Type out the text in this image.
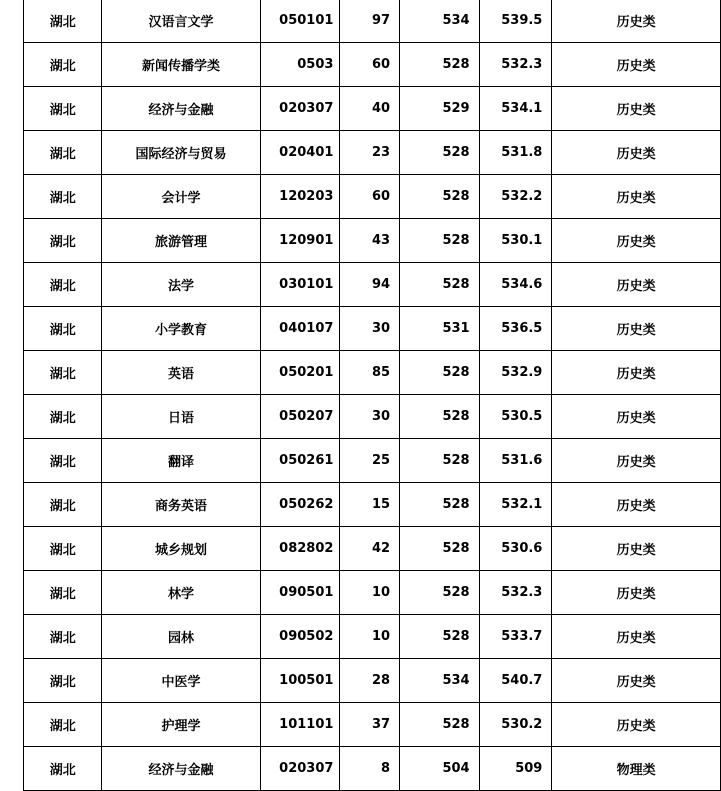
湖北	汉语言文学	050101	97	534	539.5	历史类
湖北	新闻传播学类	0503	60	528	532.3	历史类
湖北	经济与金融	020307	40	529	534.1	历史类
湖北	国际经济与贸易	020401	23	528	531.8	历史类
湖北	会计学	120203	60	528	532.2	历史类
湖北	旅游管理	120901	43	528	530.1	历史类
湖北	法学	030101	94	528	534.6	历史类
湖北	小学教育	040107	30	531	536.5	历史类
湖北	英语	050201	85	528	532.9	历史类
湖北	日语	050207	30	528	530.5	历史类
湖北	翻译	050261	25	528	531.6	历史类
湖北	商务英语	050262	15	528	532.1	历史类
湖北	城乡规划	082802	42	528	530.6	历史类
湖北	林学	090501	10	528	532.3	历史类
湖北	园林	090502	10	528	533.7	历史类
湖北	中医学	100501	28	534	540.7	历史类
湖北	护理学	101101	37	528	530.2	历史类
湖北	经济与金融	020307	8	504	509	物理类
